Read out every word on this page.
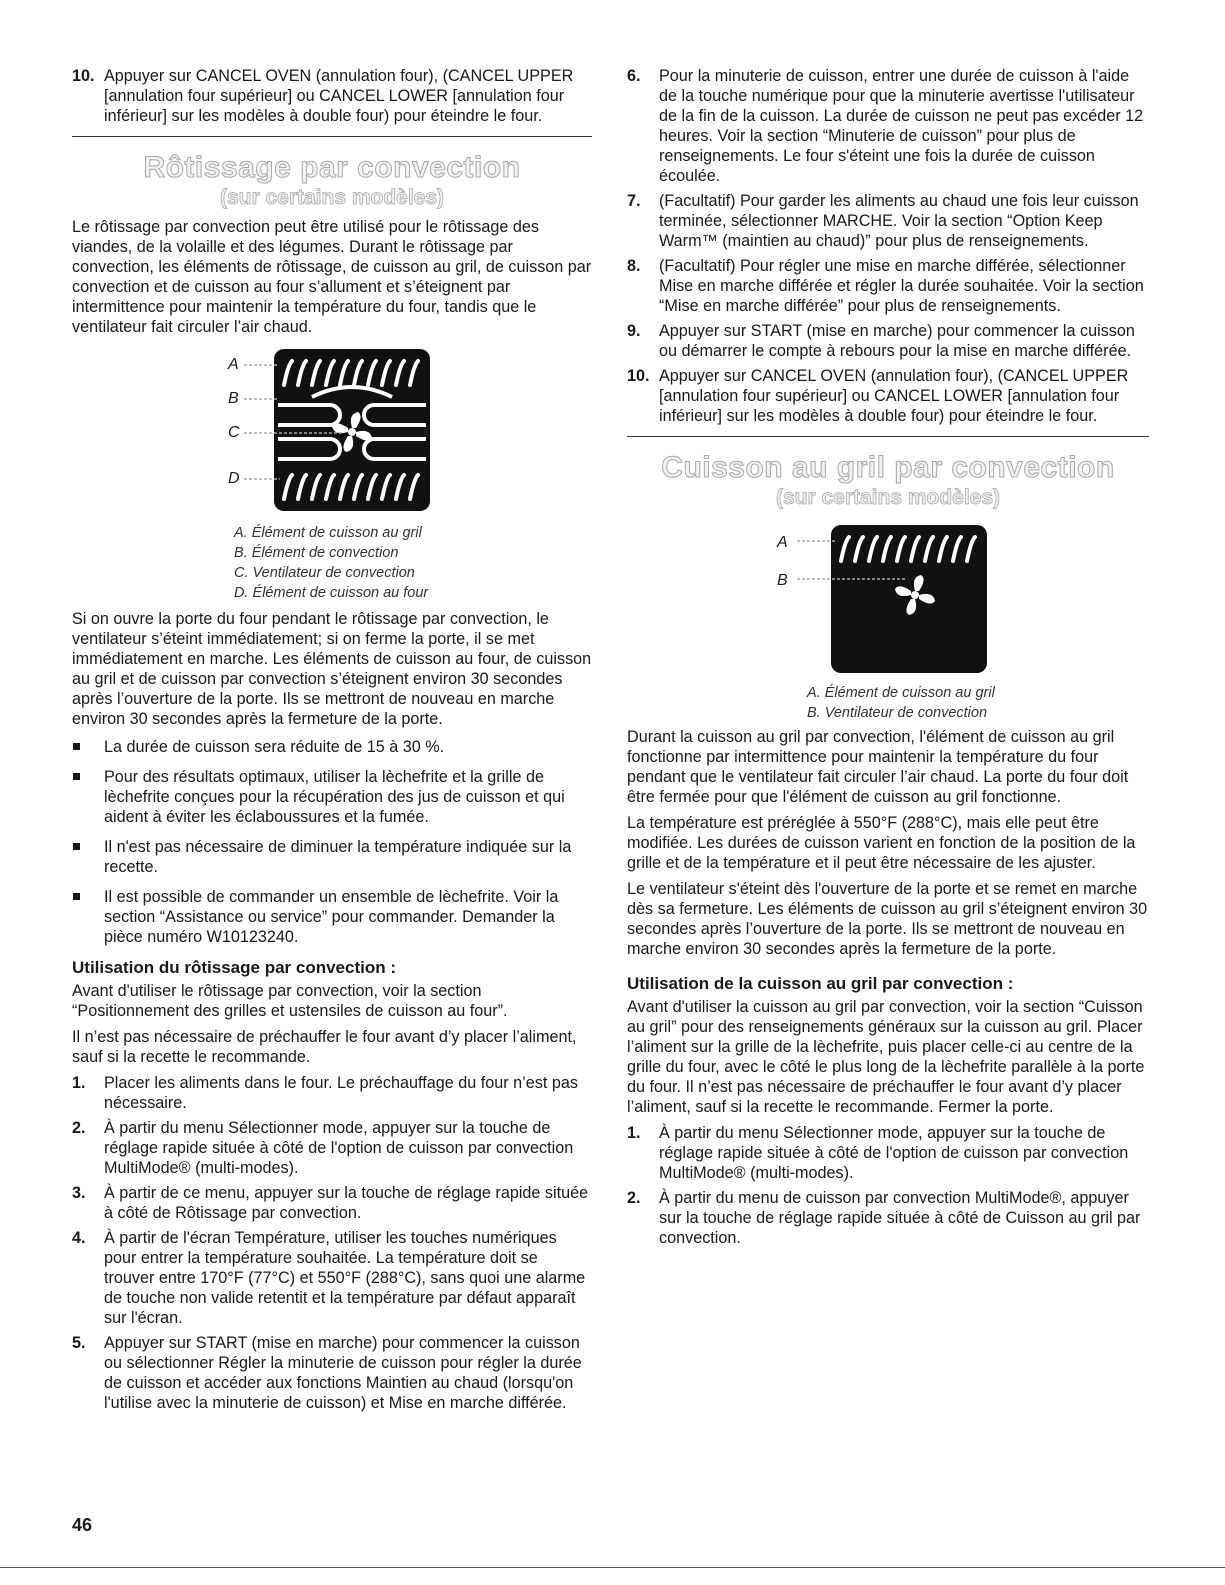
10. Appuyer sur CANCEL OVEN (annulation four), (CANCEL UPPER [annulation four supérieur] ou CANCEL LOWER [annulation four inférieur] sur les modèles à double four) pour éteindre le four.
Rôtissage par convection
(sur certains modèles)

Le rôtissage par convection peut être utilisé pour le rôtissage des viandes, de la volaille et des légumes. Durant le rôtissage par convection, les éléments de rôtissage, de cuisson au gril, de cuisson par convection et de cuisson au four s’allument et s’éteignent par intermittence pour maintenir la température du four, tandis que le ventilateur fait circuler l’air chaud.

A
B
C
D
A. Élément de cuisson au gril
B. Élément de convection
C. Ventilateur de convection
D. Élément de cuisson au four

Si on ouvre la porte du four pendant le rôtissage par convection, le ventilateur s’éteint immédiatement; si on ferme la porte, il se met immédiatement en marche. Les éléments de cuisson au four, de cuisson au gril et de cuisson par convection s’éteignent environ 30 secondes après l’ouverture de la porte. Ils se mettront de nouveau en marche environ 30 secondes après la fermeture de la porte.

La durée de cuisson sera réduite de 15 à 30 %.
Pour des résultats optimaux, utiliser la lèchefrite et la grille de lèchefrite conçues pour la récupération des jus de cuisson et qui aident à éviter les éclaboussures et la fumée.
Il n'est pas nécessaire de diminuer la température indiquée sur la recette.
Il est possible de commander un ensemble de lèchefrite. Voir la section “Assistance ou service” pour commander. Demander la pièce numéro W10123240.
Utilisation du rôtissage par convection :

Avant d'utiliser le rôtissage par convection, voir la section “Positionnement des grilles et ustensiles de cuisson au four”.

Il n’est pas nécessaire de préchauffer le four avant d’y placer l’aliment, sauf si la recette le recommande.

1. Placer les aliments dans le four. Le préchauffage du four n’est pas nécessaire.
2. À partir du menu Sélectionner mode, appuyer sur la touche de réglage rapide située à côté de l'option de cuisson par convection MultiMode® (multi-modes).
3. À partir de ce menu, appuyer sur la touche de réglage rapide située à côté de Rôtissage par convection.
4. À partir de l'écran Température, utiliser les touches numériques pour entrer la température souhaitée. La température doit se trouver entre 170°F (77°C) et 550°F (288°C), sans quoi une alarme de touche non valide retentit et la température par défaut apparaît sur l'écran.
5. Appuyer sur START (mise en marche) pour commencer la cuisson ou sélectionner Régler la minuterie de cuisson pour régler la durée de cuisson et accéder aux fonctions Maintien au chaud (lorsqu'on l'utilise avec la minuterie de cuisson) et Mise en marche différée.
6. Pour la minuterie de cuisson, entrer une durée de cuisson à l'aide de la touche numérique pour que la minuterie avertisse l'utilisateur de la fin de la cuisson. La durée de cuisson ne peut pas excéder 12 heures. Voir la section “Minuterie de cuisson” pour plus de renseignements. Le four s'éteint une fois la durée de cuisson écoulée.
7. (Facultatif) Pour garder les aliments au chaud une fois leur cuisson terminée, sélectionner MARCHE. Voir la section “Option Keep Warm™ (maintien au chaud)” pour plus de renseignements.
8. (Facultatif) Pour régler une mise en marche différée, sélectionner Mise en marche différée et régler la durée souhaitée. Voir la section “Mise en marche différée” pour plus de renseignements.
9. Appuyer sur START (mise en marche) pour commencer la cuisson ou démarrer le compte à rebours pour la mise en marche différée.
10. Appuyer sur CANCEL OVEN (annulation four), (CANCEL UPPER [annulation four supérieur] ou CANCEL LOWER [annulation four inférieur] sur les modèles à double four) pour éteindre le four.
Cuisson au gril par convection
(sur certains modèles)
A
B
A. Élément de cuisson au gril
B. Ventilateur de convection

Durant la cuisson au gril par convection, l'élément de cuisson au gril fonctionne par intermittence pour maintenir la température du four pendant que le ventilateur fait circuler l’air chaud. La porte du four doit être fermée pour que l'élément de cuisson au gril fonctionne.

La température est préréglée à 550°F (288°C), mais elle peut être modifiée. Les durées de cuisson varient en fonction de la position de la grille et de la température et il peut être nécessaire de les ajuster.

Le ventilateur s'éteint dès l'ouverture de la porte et se remet en marche dès sa fermeture. Les éléments de cuisson au gril s’éteignent environ 30 secondes après l’ouverture de la porte. Ils se mettront de nouveau en marche environ 30 secondes après la fermeture de la porte.

Utilisation de la cuisson au gril par convection :

Avant d'utiliser la cuisson au gril par convection, voir la section “Cuisson au gril” pour des renseignements généraux sur la cuisson au gril. Placer l’aliment sur la grille de la lèchefrite, puis placer celle-ci au centre de la grille du four, avec le côté le plus long de la lèchefrite parallèle à la porte du four. Il n’est pas nécessaire de préchauffer le four avant d’y placer l’aliment, sauf si la recette le recommande. Fermer la porte.

1. À partir du menu Sélectionner mode, appuyer sur la touche de réglage rapide située à côté de l'option de cuisson par convection MultiMode® (multi-modes).
2. À partir du menu de cuisson par convection MultiMode®, appuyer sur la touche de réglage rapide située à côté de Cuisson au gril par convection.
46
